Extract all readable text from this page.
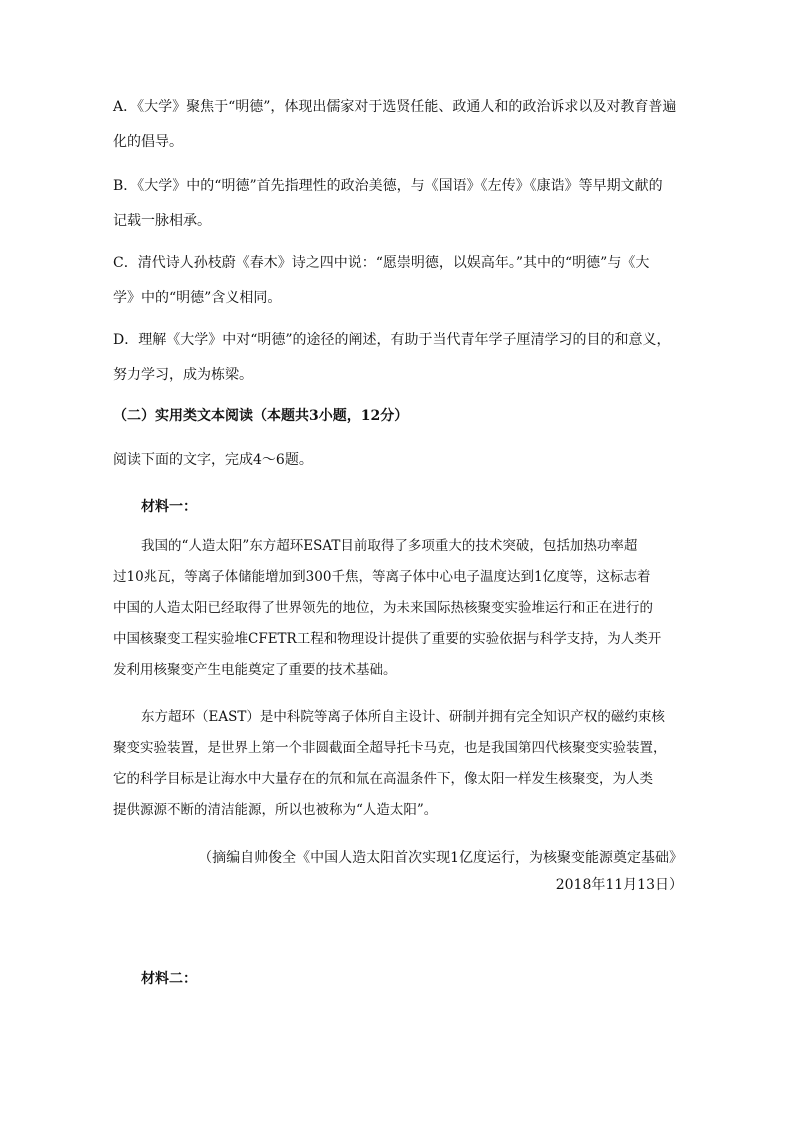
A．《大学》聚焦于“明德”，体现出儒家对于选贤任能、政通人和的政治诉求以及对教育普遍
化的倡导。
B．《大学》中的“明德”首先指理性的政治美德，与《国语》《左传》《康诰》等早期文献的
记载一脉相承。
C．清代诗人孙枝蔚《春木》诗之四中说：“愿崇明德，以娱高年。”其中的“明德”与《大
学》中的“明德”含义相同。
D．理解《大学》中对“明德”的途径的阐述，有助于当代青年学子厘清学习的目的和意义，
努力学习，成为栋梁。
（二）实用类文本阅读（本题共3小题，12分）
阅读下面的文字，完成4～6题。
材料一：
我国的“人造太阳”东方超环ESAT目前取得了多项重大的技术突破，包括加热功率超
过10兆瓦，等离子体储能增加到300千焦，等离子体中心电子温度达到1亿度等，这标志着
中国的人造太阳已经取得了世界领先的地位，为未来国际热核聚变实验堆运行和正在进行的
中国核聚变工程实验堆CFETR工程和物理设计提供了重要的实验依据与科学支持，为人类开
发利用核聚变产生电能奠定了重要的技术基础。
东方超环（EAST）是中科院等离子体所自主设计、研制并拥有完全知识产权的磁约束核
聚变实验装置，是世界上第一个非圆截面全超导托卡马克，也是我国第四代核聚变实验装置，
它的科学目标是让海水中大量存在的氘和氚在高温条件下，像太阳一样发生核聚变，为人类
提供源源不断的清洁能源，所以也被称为“人造太阳”。
（摘编自帅俊全《中国人造太阳首次实现1亿度运行，为核聚变能源奠定基础》
2018年11月13日）
材料二：
